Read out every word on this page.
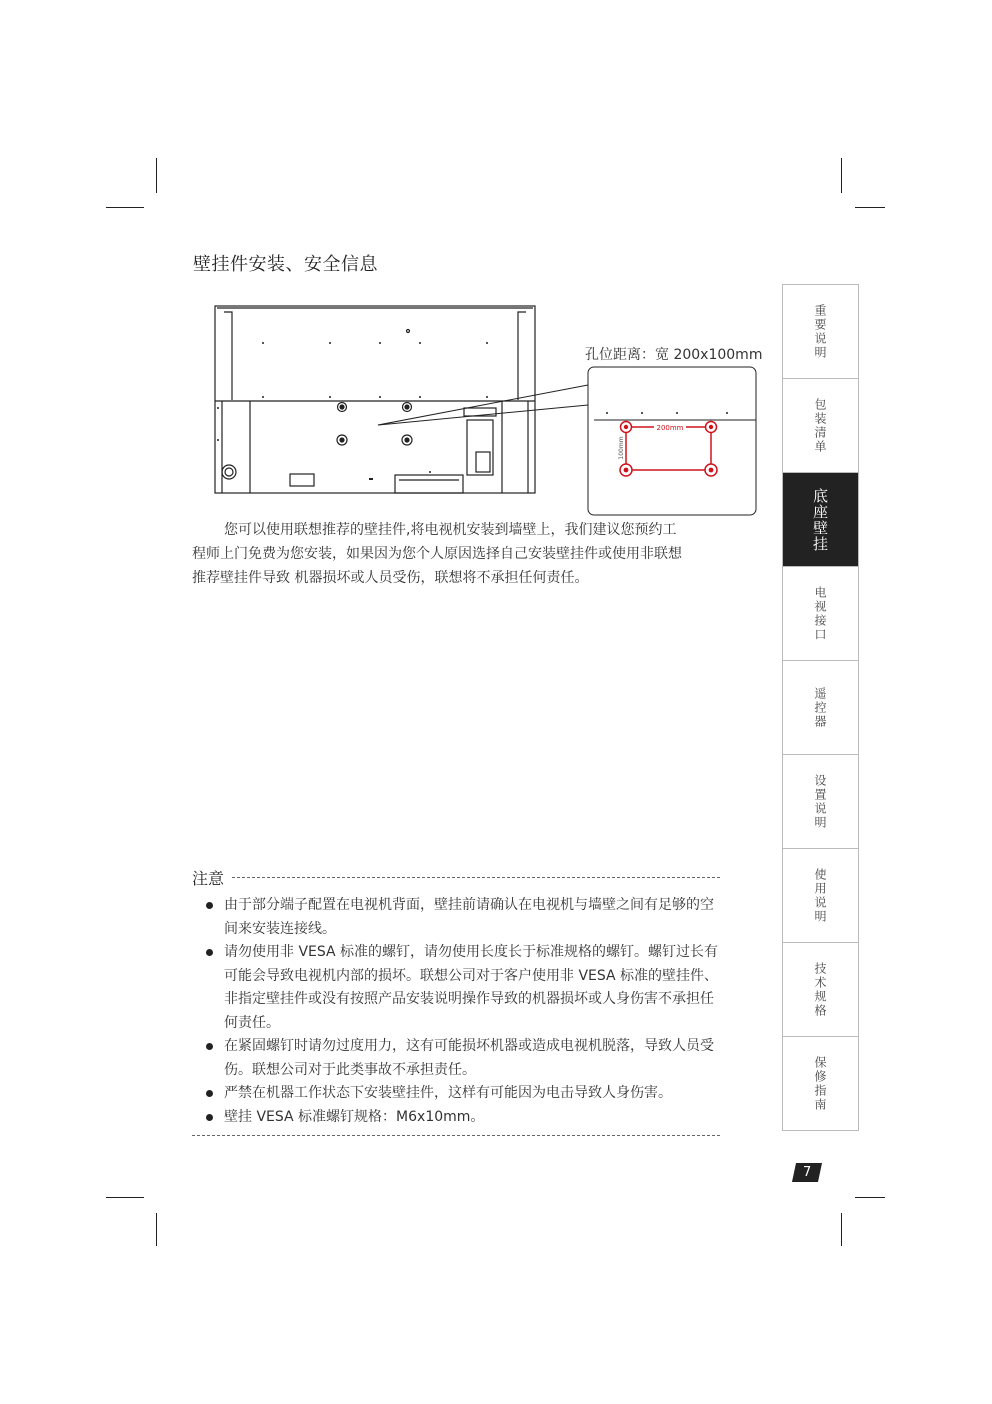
壁挂件安装、安全信息
200mm
100mm
孔位距离：宽 200x100mm

您可以使用联想推荐的壁挂件,将电视机安装到墙壁上，我们建议您预约工

程师上门免费为您安装，如果因为您个人原因选择自己安装壁挂件或使用非联想

推荐壁挂件导致 机器损坏或人员受伤，联想将不承担任何责任。

注意
由于部分端子配置在电视机背面，壁挂前请确认在电视机与墙壁之间有足够的空间来安装连接线。
请勿使用非 VESA 标准的螺钉，请勿使用长度长于标准规格的螺钉。螺钉过长有可能会导致电视机内部的损坏。联想公司对于客户使用非 VESA 标准的壁挂件、非指定壁挂件或没有按照产品安装说明操作导致的机器损坏或人身伤害不承担任何责任。
在紧固螺钉时请勿过度用力，这有可能损坏机器或造成电视机脱落，导致人员受伤。联想公司对于此类事故不承担责任。
严禁在机器工作状态下安装壁挂件，这样有可能因为电击导致人身伤害。
壁挂 VESA 标准螺钉规格：M6x10mm。
重要说明
包装清单
底座壁挂
电视接口
遥控器
设置说明
使用说明
技术规格
保修指南
7
